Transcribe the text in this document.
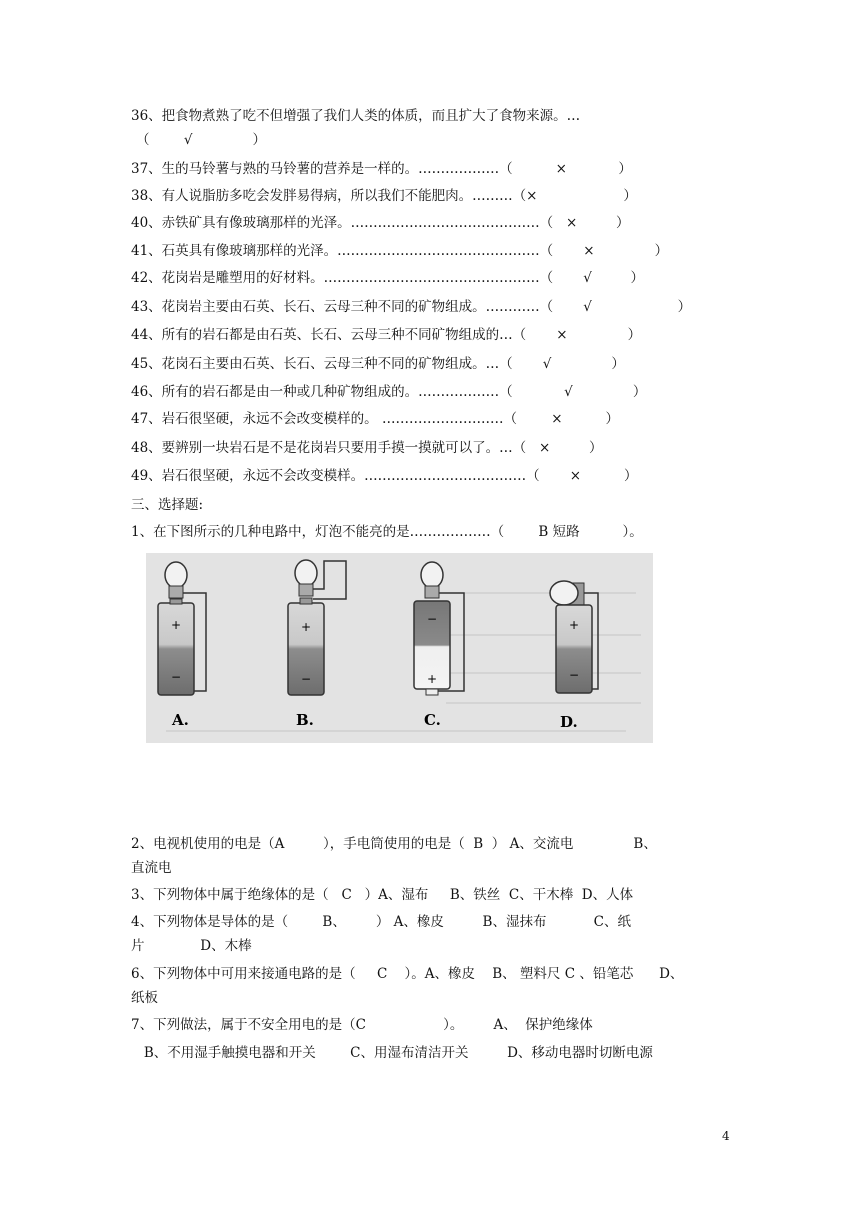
36、把食物煮熟了吃不但增强了我们人类的体质，而且扩大了食物来源。…
（        √              ）
37、生的马铃薯与熟的马铃薯的营养是一样的。………………（          ×            ）
38、有人说脂肪多吃会发胖易得病，所以我们不能肥肉。………（×                    ）
40、赤铁矿具有像玻璃那样的光泽。……………………………………（   ×         ）
41、石英具有像玻璃那样的光泽。………………………………………（       ×              ）
42、花岗岩是雕塑用的好材料。…………………………………………（       √         ）
43、花岗岩主要由石英、长石、云母三种不同的矿物组成。…………（       √                    ）
44、所有的岩石都是由石英、长石、云母三种不同矿物组成的…（       ×              ）
45、花岗石主要由石英、长石、云母三种不同的矿物组成。…（       √              ）
46、所有的岩石都是由一种或几种矿物组成的。………………（            √              ）
47、岩石很坚硬，永远不会改变模样的。 ………………………（        ×          ）
48、要辨别一块岩石是不是花岗岩只要用手摸一摸就可以了。…（   ×         ）
49、岩石很坚硬，永远不会改变模样。………………………………（       ×          ）
三、选择题:
1、在下图所示的几种电路中，灯泡不能亮的是………………（        B 短路          ）。
+
−
A.
+
−
B.
−
+
C.
+
−
D.
2、电视机使用的电是（A         ），手电筒使用的电是（  B  ） A、交流电              B、
直流电
3、下列物体中属于绝缘体的是（   C   ）A、湿布     B、铁丝  C、干木棒  D、人体
4、下列物体是导体的是（        B、       ） A、橡皮         B、湿抹布           C、纸
片             D、木棒
6、下列物体中可用来接通电路的是（     C    ）。A、橡皮    B、 塑料尺 C 、铅笔芯      D、
纸板
7、下列做法，属于不安全用电的是（C                  ）。       A、  保护绝缘体
B、不用湿手触摸电器和开关        C、用湿布清洁开关         D、移动电器时切断电源
4
